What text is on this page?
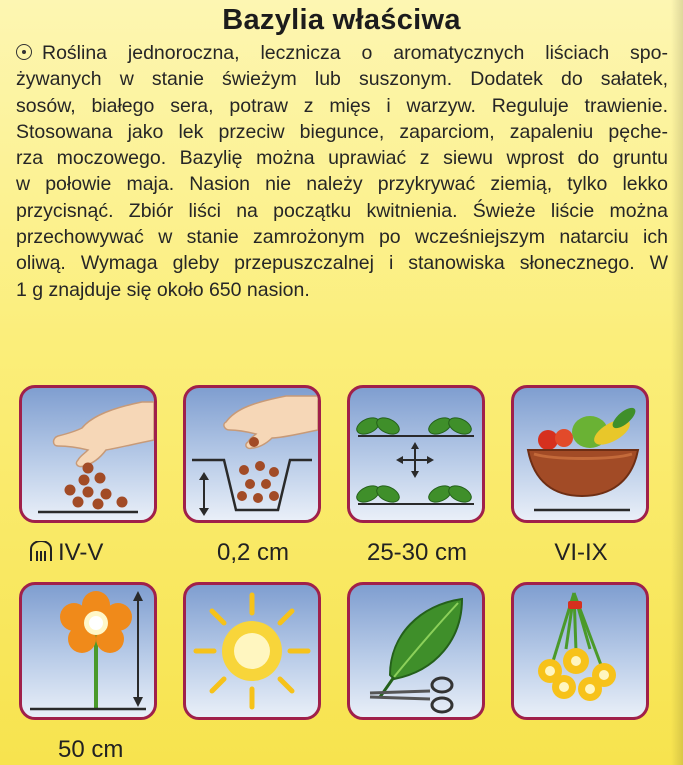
Bazylia właściwa
Roślina jednoroczna, lecznicza o aromatycznych liściach spo-
żywanych w stanie świeżym lub suszonym. Dodatek do sałatek,
sosów, białego sera, potraw z mięs i warzyw. Reguluje trawienie.
Stosowana jako lek przeciw biegunce, zaparciom, zapaleniu pęche-
rza moczowego. Bazylię można uprawiać z siewu wprost do gruntu
w połowie maja. Nasion nie należy przykrywać ziemią, tylko lekko
przycisnąć. Zbiór liści na początku kwitnienia. Świeże liście można
przechowywać w stanie zamrożonym po wcześniejszym natarciu ich
oliwą. Wymaga gleby przepuszczalnej i stanowiska słonecznego. W
1 g znajduje się około 650 nasion.
IV-V	0,2 cm	25-30 cm	VI-IX
50 cm
